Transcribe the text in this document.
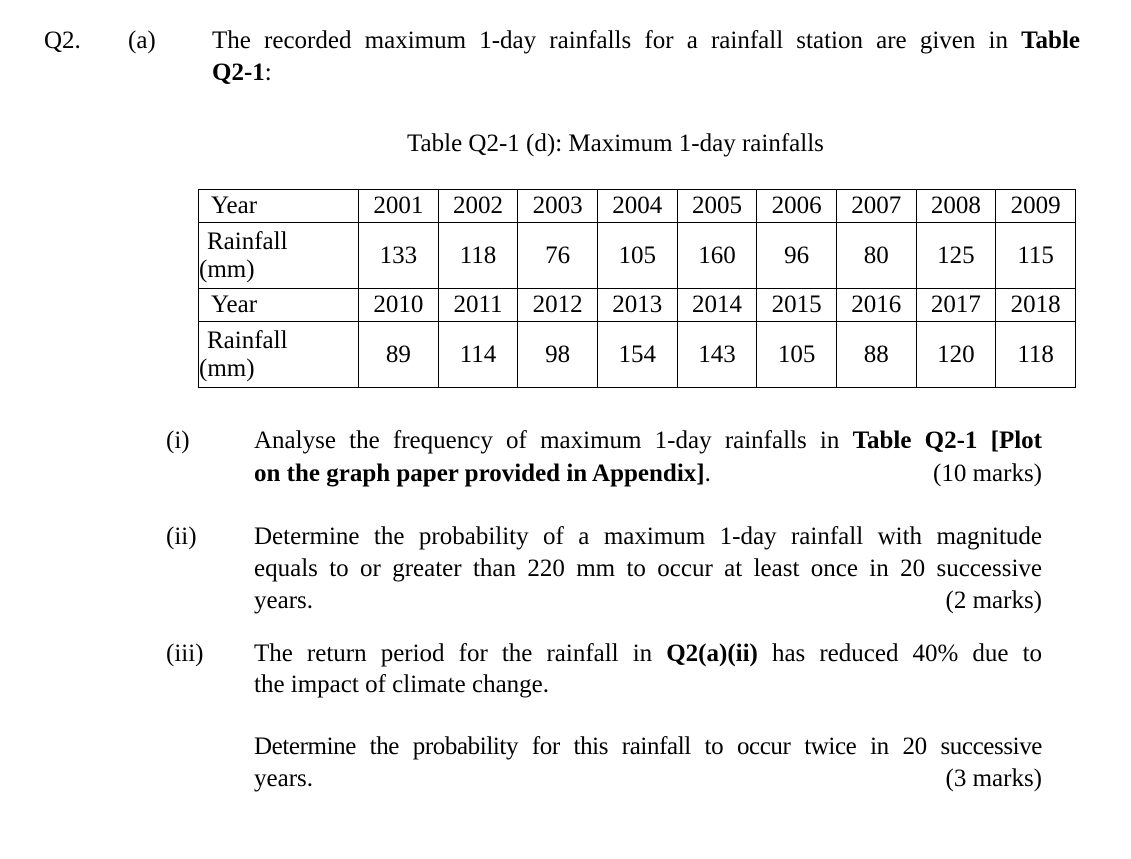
Q2. (a) The recorded maximum 1-day rainfalls for a rainfall station are given in Table
Q2-1:
Table Q2-1 (d): Maximum 1-day rainfalls
Year	2001	2002	2003	2004	2005	2006	2007	2008	2009

Rainfall
(mm)	133	118	76	105	160	96	80	125	115
Year	2010	2011	2012	2013	2014	2015	2016	2017	2018

Rainfall
(mm)	89	114	98	154	143	105	88	120	118
(i)	Analyse the frequency of maximum 1-day rainfalls in Table Q2-1 [Plot
on the graph paper provided in Appendix].	(10 marks)
(ii) Determine the probability of a maximum 1-day rainfall with magnitude
equals to or greater than 220 mm to occur at least once in 20 successive
years.	(2 marks)
(iii) The return period for the rainfall in Q2(a)(ii) has reduced 40% due to
the impact of climate change.
Determine the probability for this rainfall to occur twice in 20 successive
years.	(3 marks)
